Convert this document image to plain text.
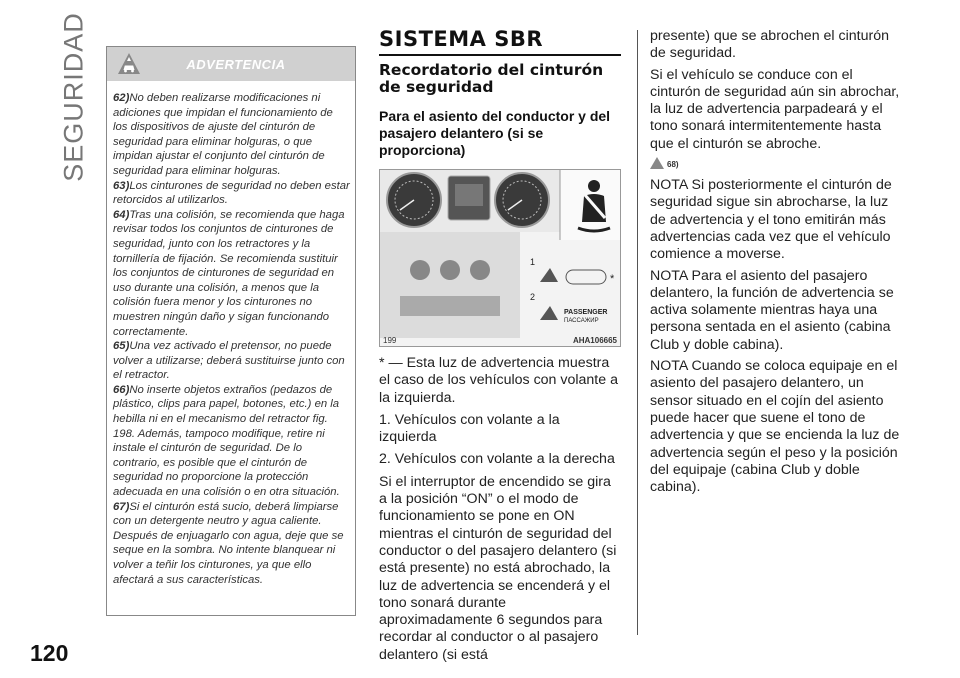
SEGURIDAD
120
ADVERTENCIA

62)No deben realizarse modificaciones ni adiciones que impidan el funcionamiento de los dispositivos de ajuste del cinturón de seguridad para eliminar holguras, o que impidan ajustar el conjunto del cinturón de seguridad para eliminar holguras.

63)Los cinturones de seguridad no deben estar retorcidos al utilizarlos.

64)Tras una colisión, se recomienda que haga revisar todos los conjuntos de cinturones de seguridad, junto con los retractores y la tornillería de fijación. Se recomienda sustituir los conjuntos de cinturones de seguridad en uso durante una colisión, a menos que la colisión fuera menor y los cinturones no muestren ningún daño y sigan funcionando correctamente.

65)Una vez activado el pretensor, no puede volver a utilizarse; deberá sustituirse junto con el retractor.

66)No inserte objetos extraños (pedazos de plástico, clips para papel, botones, etc.) en la hebilla ni en el mecanismo del retractor fig. 198. Además, tampoco modifique, retire ni instale el cinturón de seguridad. De lo contrario, es posible que el cinturón de seguridad no proporcione la protección adecuada en una colisión o en otra situación.

67)Si el cinturón está sucio, deberá limpiarse con un detergente neutro y agua caliente. Después de enjuagarlo con agua, deje que se seque en la sombra. No intente blanquear ni volver a teñir los cinturones, ya que ello afectará a sus características.

SISTEMA SBR
Recordatorio del cinturón de seguridad
Para el asiento del conductor y del pasajero delantero (si se proporciona)
1
2
*
PASSENGER
ПАССАЖИР
199	AHA106665

* — Esta luz de advertencia muestra el caso de los vehículos con volante a la izquierda.

1. Vehículos con volante a la izquierda

2. Vehículos con volante a la derecha

Si el interruptor de encendido se gira a la posición “ON” o el modo de funcionamiento se pone en ON mientras el cinturón de seguridad del conductor o del pasajero delantero (si está presente) no está abrochado, la luz de advertencia se encenderá y el tono sonará durante aproximadamente 6 segundos para recordar al conductor o al pasajero delantero (si está

presente) que se abrochen el cinturón de seguridad.

Si el vehículo se conduce con el cinturón de seguridad aún sin abrochar, la luz de advertencia parpadeará y el tono sonará intermitentemente hasta que el cinturón se abroche.

68)

NOTA Si posteriormente el cinturón de seguridad sigue sin abrocharse, la luz de advertencia y el tono emitirán más advertencias cada vez que el vehículo comience a moverse.

NOTA Para el asiento del pasajero delantero, la función de advertencia se activa solamente mientras haya una persona sentada en el asiento (cabina Club y doble cabina).

NOTA Cuando se coloca equipaje en el asiento del pasajero delantero, un sensor situado en el cojín del asiento puede hacer que suene el tono de advertencia y que se encienda la luz de advertencia según el peso y la posición del equipaje (cabina Club y doble cabina).
